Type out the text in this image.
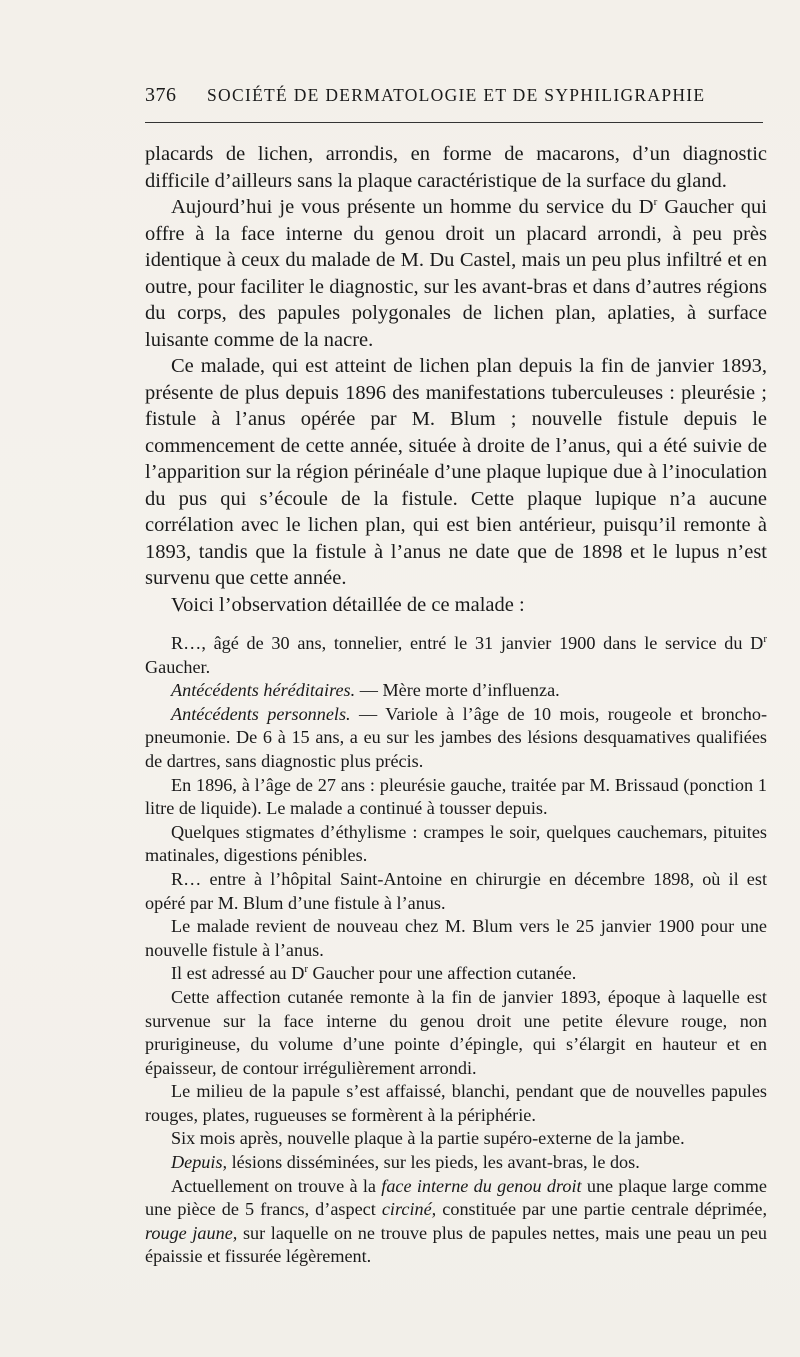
376 SOCIÉTÉ DE DERMATOLOGIE ET DE SYPHILIGRAPHIE

placards de lichen, arrondis, en forme de macarons, d’un diagnostic difficile d’ailleurs sans la plaque caractéristique de la surface du gland.

Aujourd’hui je vous présente un homme du service du $D^r$ Gaucher qui offre à la face interne du genou droit un placard arrondi, à peu près identique à ceux du malade de M. Du Castel, mais un peu plus infiltré et en outre, pour faciliter le diagnostic, sur les avant-bras et dans d’autres régions du corps, des papules polygonales de lichen plan, aplaties, à surface luisante comme de la nacre.

Ce malade, qui est atteint de lichen plan depuis la fin de janvier 1893, présente de plus depuis 1896 des manifestations tuberculeuses : pleurésie ; fistule à l’anus opérée par M. Blum ; nouvelle fistule depuis le commencement de cette année, située à droite de l’anus, qui a été suivie de l’apparition sur la région périnéale d’une plaque lupique due à l’inoculation du pus qui s’écoule de la fistule. Cette plaque lupique n’a aucune corrélation avec le lichen plan, qui est bien antérieur, puisqu’il remonte à 1893, tandis que la fistule à l’anus ne date que de 1898 et le lupus n’est survenu que cette année.

Voici l’observation détaillée de ce malade :

R…, âgé de 30 ans, tonnelier, entré le 31 janvier 1900 dans le service du $D^r$ Gaucher.

Antécédents héréditaires. — Mère morte d’influenza.

Antécédents personnels. — Variole à l’âge de 10 mois, rougeole et broncho-pneumonie. De 6 à 15 ans, a eu sur les jambes des lésions desquamatives qualifiées de dartres, sans diagnostic plus précis.

En 1896, à l’âge de 27 ans : pleurésie gauche, traitée par M. Brissaud (ponction 1 litre de liquide). Le malade a continué à tousser depuis.

Quelques stigmates d’éthylisme : crampes le soir, quelques cauchemars, pituites matinales, digestions pénibles.

R… entre à l’hôpital Saint-Antoine en chirurgie en décembre 1898, où il est opéré par M. Blum d’une fistule à l’anus.

Le malade revient de nouveau chez M. Blum vers le 25 janvier 1900 pour une nouvelle fistule à l’anus.

Il est adressé au $D^r$ Gaucher pour une affection cutanée.

Cette affection cutanée remonte à la fin de janvier 1893, époque à laquelle est survenue sur la face interne du genou droit une petite élevure rouge, non prurigineuse, du volume d’une pointe d’épingle, qui s’élargit en hauteur et en épaisseur, de contour irrégulièrement arrondi.

Le milieu de la papule s’est affaissé, blanchi, pendant que de nouvelles papules rouges, plates, rugueuses se formèrent à la périphérie.

Six mois après, nouvelle plaque à la partie supéro-externe de la jambe.

Depuis, lésions disséminées, sur les pieds, les avant-bras, le dos.

Actuellement on trouve à la face interne du genou droit une plaque large comme une pièce de 5 francs, d’aspect circiné, constituée par une partie centrale déprimée, rouge jaune, sur laquelle on ne trouve plus de papules nettes, mais une peau un peu épaissie et fissurée légèrement.
